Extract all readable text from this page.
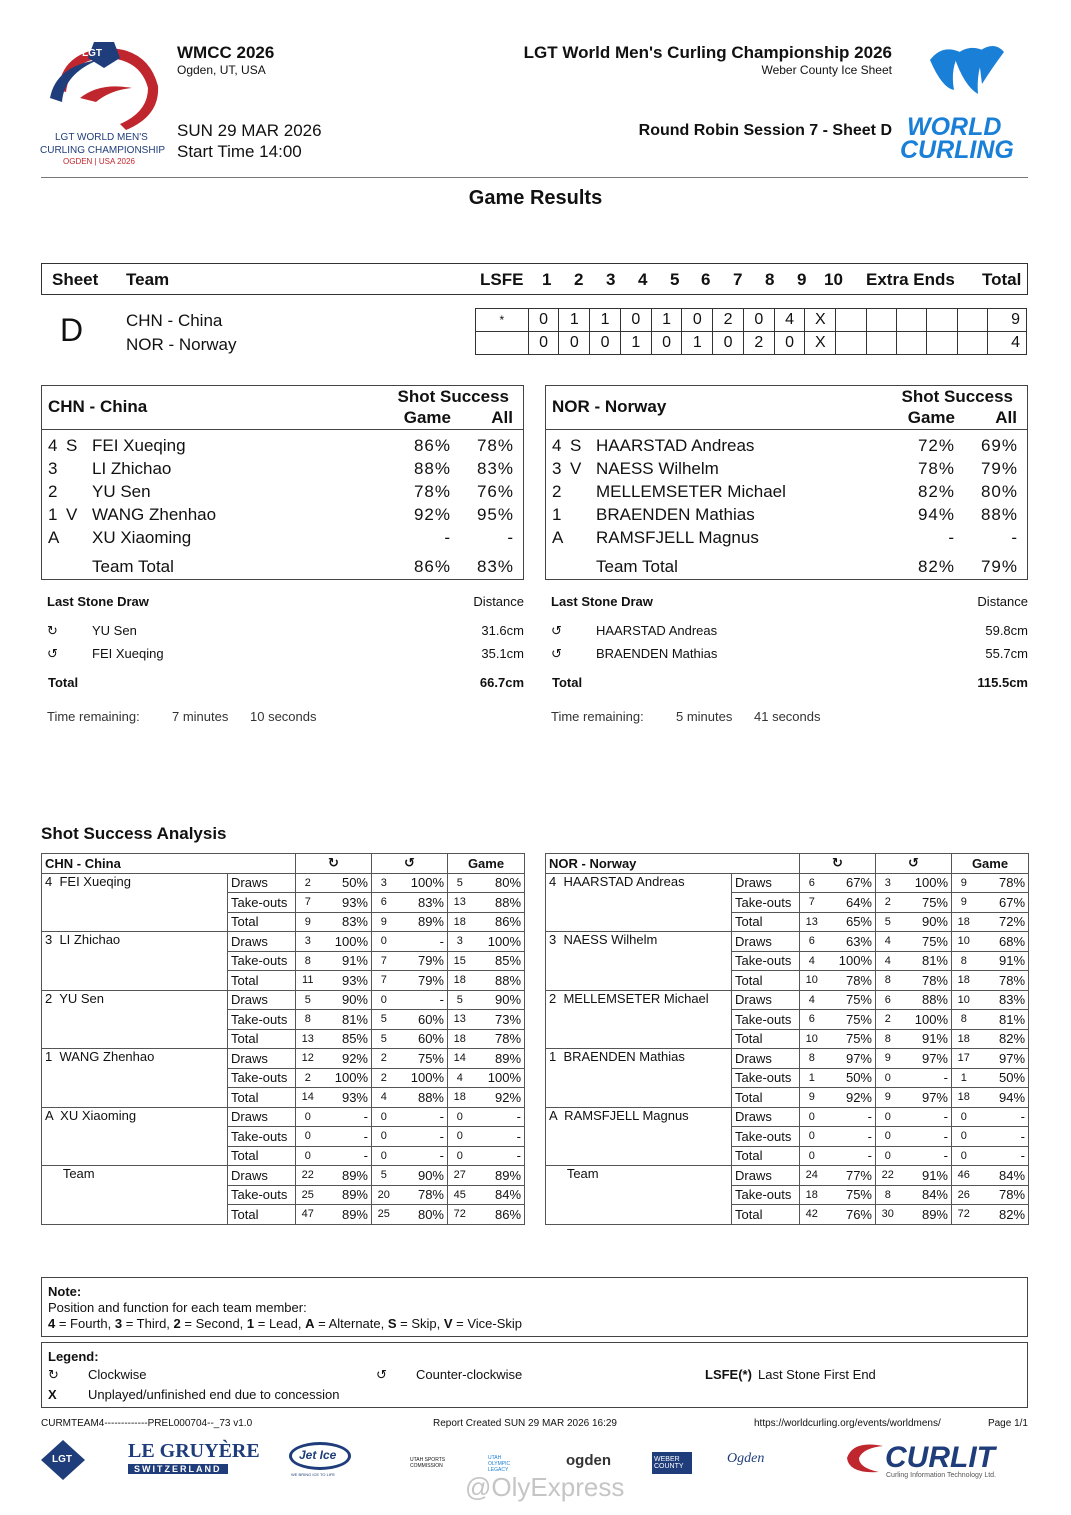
LGT
LGT WORLD MEN'S
CURLING CHAMPIONSHIP
OGDEN | USA 2026
WMCC 2026
Ogden, UT, USA
SUN 29 MAR 2026
Start Time 14:00
LGT World Men's Curling Championship 2026
Weber County Ice Sheet
Round Robin Session 7 - Sheet D WORLD
CURLING
Game Results
Sheet Team	LSFE 1 2 3 4 5 6 7 8 9 10 Extra Ends Total
D	CHN - China
NOR - Norway
*	0	1	1	0	1	0	2	0	4	X						9
	0	0	0	1	0	1	0	2	0	X						4
CHN - China
Shot Success
Game All
4 S FEI Xueqing	86% 78%
3 LI Zhichao	88% 83%
2 YU Sen	78% 76%
1 V WANG Zhenhao	92% 95%
A XU Xiaoming	-	-
Team Total	86% 83%
Last Stone Draw	Distance
↻	YU Sen	31.6cm
↺	FEI Xueqing	35.1cm
Total	66.7cm
Time remaining: 7 minutes 10 seconds
NOR - Norway
Shot Success
Game All
4 S HAARSTAD Andreas	72% 69%
3 V NAESS Wilhelm	78% 79%
2 MELLEMSETER Michael	82% 80%
1 BRAENDEN Mathias	94% 88%
A RAMSFJELL Magnus	-	-
Team Total	82% 79%
Last Stone Draw	Distance
↺	HAARSTAD Andreas	59.8cm
↺	BRAENDEN Mathias	55.7cm
Total	115.5cm
Time remaining: 5 minutes 41 seconds
Shot Success Analysis
CHN - China		↻		↺		Game	
4  FEI Xueqing	Draws	2	50%	3	100%	5	80%
	Take-outs	7	93%	6	83%	13	88%
	Total	9	83%	9	89%	18	86%
3  LI Zhichao	Draws	3	100%	0	-	3	100%
	Take-outs	8	91%	7	79%	15	85%
	Total	11	93%	7	79%	18	88%
2  YU Sen	Draws	5	90%	0	-	5	90%
	Take-outs	8	81%	5	60%	13	73%
	Total	13	85%	5	60%	18	78%
1  WANG Zhenhao	Draws	12	92%	2	75%	14	89%
	Take-outs	2	100%	2	100%	4	100%
	Total	14	93%	4	88%	18	92%
A  XU Xiaoming	Draws	0	-	0	-	0	-
	Take-outs	0	-	0	-	0	-
	Total	0	-	0	-	0	-
Team	Draws	22	89%	5	90%	27	89%
	Take-outs	25	89%	20	78%	45	84%
	Total	47	89%	25	80%	72	86%
NOR - Norway		↻		↺		Game	
4  HAARSTAD Andreas	Draws	6	67%	3	100%	9	78%
	Take-outs	7	64%	2	75%	9	67%
	Total	13	65%	5	90%	18	72%
3  NAESS Wilhelm	Draws	6	63%	4	75%	10	68%
	Take-outs	4	100%	4	81%	8	91%
	Total	10	78%	8	78%	18	78%
2  MELLEMSETER Michael	Draws	4	75%	6	88%	10	83%
	Take-outs	6	75%	2	100%	8	81%
	Total	10	75%	8	91%	18	82%
1  BRAENDEN Mathias	Draws	8	97%	9	97%	17	97%
	Take-outs	1	50%	0	-	1	50%
	Total	9	92%	9	97%	18	94%
A  RAMSFJELL Magnus	Draws	0	-	0	-	0	-
	Take-outs	0	-	0	-	0	-
	Total	0	-	0	-	0	-
Team	Draws	24	77%	22	91%	46	84%
	Take-outs	18	75%	8	84%	26	78%
	Total	42	76%	30	89%	72	82%
Note:
Position and function for each team member:
4 = Fourth, 3 = Third, 2 = Second, 1 = Lead, A = Alternate, S = Skip, V = Vice-Skip
Legend:
↻ Clockwise	↺ Counter-clockwise	LSFE(*) Last Stone First End
X Unplayed/unfinished end due to concession
CURMTEAM4-------------PREL000704--_73 v1.0	Report Created SUN 29 MAR 2026 16:29	https://worldcurling.org/events/worldmens/	Page 1/1
LGT	LE GRUYÈRE
SWITZERLAND
Jet Ice
WE BRING ICE TO LIFE
UTAH SPORTS COMMISSION
UTAH OLYMPIC LEGACY
ogden	WEBER COUNTY
Ogden	CURLIT
Curling Information Technology Ltd.
@OlyExpress
